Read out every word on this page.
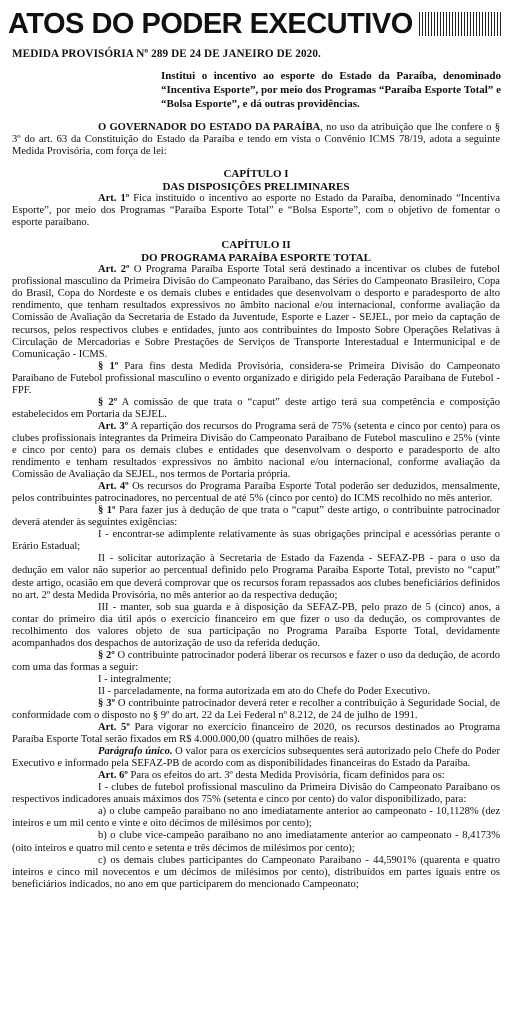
ATOS DO PODER EXECUTIVO
MEDIDA PROVISÓRIA Nº 289 DE 24 DE JANEIRO DE 2020.
Institui o incentivo ao esporte do Estado da Paraíba, denominado “Incentiva Esporte”, por meio dos Programas “Paraíba Esporte Total” e “Bolsa Esporte”, e dá outras providências.

O GOVERNADOR DO ESTADO DA PARAÍBA, no uso da atribuição que lhe confere o § 3º do art. 63 da Constituição do Estado da Paraíba e tendo em vista o Convênio ICMS 78/19, adota a seguinte Medida Provisória, com força de lei:

CAPÍTULO I
DAS DISPOSIÇÕES PRELIMINARES

Art. 1º Fica instituído o incentivo ao esporte no Estado da Paraíba, denominado “Incentiva Esporte”, por meio dos Programas “Paraíba Esporte Total” e “Bolsa Esporte”, com o objetivo de fomentar o esporte paraibano.

CAPÍTULO II
DO PROGRAMA PARAÍBA ESPORTE TOTAL

Art. 2º O Programa Paraíba Esporte Total será destinado a incentivar os clubes de futebol profissional masculino da Primeira Divisão do Campeonato Paraibano, das Séries do Campeonato Brasileiro, Copa do Brasil, Copa do Nordeste e os demais clubes e entidades que desenvolvam o desporto e paradesporto de alto rendimento, que tenham resultados expressivos no âmbito nacional e/ou internacional, conforme avaliação da Comissão de Avaliação da Secretaria de Estado da Juventude, Esporte e Lazer - SEJEL, por meio da captação de recursos, pelos respectivos clubes e entidades, junto aos contribuintes do Imposto Sobre Operações Relativas à Circulação de Mercadorias e Sobre Prestações de Serviços de Transporte Interestadual e Intermunicipal e de Comunicação - ICMS.

§ 1º Para fins desta Medida Provisória, considera-se Primeira Divisão do Campeonato Paraibano de Futebol profissional masculino o evento organizado e dirigido pela Federação Paraibana de Futebol - FPF.

§ 2º A comissão de que trata o “caput” deste artigo terá sua competência e composição estabelecidos em Portaria da SEJEL.

Art. 3º A repartição dos recursos do Programa será de 75% (setenta e cinco por cento) para os clubes profissionais integrantes da Primeira Divisão do Campeonato Paraibano de Futebol masculino e 25% (vinte e cinco por cento) para os demais clubes e entidades que desenvolvam o desporto e paradesporto de alto rendimento e tenham resultados expressivos no âmbito nacional e/ou internacional, conforme avaliação da Comissão de Avaliação da SEJEL, nos termos de Portaria própria.

Art. 4º Os recursos do Programa Paraíba Esporte Total poderão ser deduzidos, mensalmente, pelos contribuintes patrocinadores, no percentual de até 5% (cinco por cento) do ICMS recolhido no mês anterior.

§ 1º Para fazer jus à dedução de que trata o “caput” deste artigo, o contribuinte patrocinador deverá atender às seguintes exigências:

I - encontrar-se adimplente relativamente às suas obrigações principal e acessórias perante o Erário Estadual;

II - solicitar autorização à Secretaria de Estado da Fazenda - SEFAZ-PB - para o uso da dedução em valor não superior ao percentual definido pelo Programa Paraíba Esporte Total, previsto no “caput” deste artigo, ocasião em que deverá comprovar que os recursos foram repassados aos clubes beneficiários definidos no art. 2º desta Medida Provisória, no mês anterior ao da respectiva dedução;

III - manter, sob sua guarda e à disposição da SEFAZ-PB, pelo prazo de 5 (cinco) anos, a contar do primeiro dia útil após o exercício financeiro em que fizer o uso da dedução, os comprovantes de recolhimento dos valores objeto de sua participação no Programa Paraíba Esporte Total, devidamente acompanhados dos despachos de autorização de uso da referida dedução.

§ 2º O contribuinte patrocinador poderá liberar os recursos e fazer o uso da dedução, de acordo com uma das formas a seguir:

I - integralmente;

II - parceladamente, na forma autorizada em ato do Chefe do Poder Executivo.

§ 3º O contribuinte patrocinador deverá reter e recolher a contribuição à Seguridade Social, de conformidade com o disposto no § 9º do art. 22 da Lei Federal nº 8.212, de 24 de julho de 1991.

Art. 5º Para vigorar no exercício financeiro de 2020, os recursos destinados ao Programa Paraíba Esporte Total serão fixados em R$ 4.000.000,00 (quatro milhões de reais).

Parágrafo único. O valor para os exercícios subsequentes será autorizado pelo Chefe do Poder Executivo e informado pela SEFAZ-PB de acordo com as disponibilidades financeiras do Estado da Paraíba.

Art. 6º Para os efeitos do art. 3º desta Medida Provisória, ficam definidos para os:

I - clubes de futebol profissional masculino da Primeira Divisão do Campeonato Paraibano os respectivos indicadores anuais máximos dos 75% (setenta e cinco por cento) do valor disponibilizado, para:

a) o clube campeão paraibano no ano imediatamente anterior ao campeonato - 10,1128% (dez inteiros e um mil cento e vinte e oito décimos de milésimos por cento);

b) o clube vice-campeão paraibano no ano imediatamente anterior ao campeonato - 8,4173% (oito inteiros e quatro mil cento e setenta e três décimos de milésimos por cento);

c) os demais clubes participantes do Campeonato Paraibano - 44,5901% (quarenta e quatro inteiros e cinco mil novecentos e um décimos de milésimos por cento), distribuídos em partes iguais entre os beneficiários indicados, no ano em que participarem do mencionado Campeonato;
